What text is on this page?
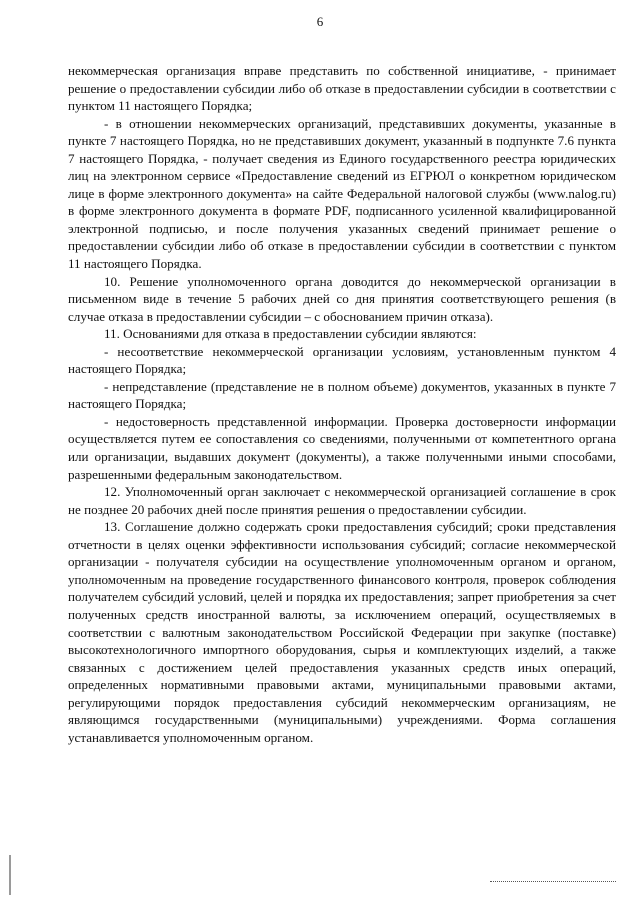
6

некоммерческая организация вправе представить по собственной инициативе, - принимает решение о предоставлении субсидии либо об отказе в предоставлении субсидии в соответствии с пунктом 11 настоящего Порядка;

- в отношении некоммерческих организаций, представивших документы, указанные в пункте 7 настоящего Порядка, но не представивших документ, указанный в подпункте 7.6 пункта 7 настоящего Порядка, - получает сведения из Единого государственного реестра юридических лиц на электронном сервисе «Предоставление сведений из ЕГРЮЛ о конкретном юридическом лице в форме электронного документа» на сайте Федеральной налоговой службы (www.nalog.ru) в форме электронного документа в формате PDF, подписанного усиленной квалифицированной электронной подписью, и после получения указанных сведений принимает решение о предоставлении субсидии либо об отказе в предоставлении субсидии в соответствии с пунктом 11 настоящего Порядка.

10. Решение уполномоченного органа доводится до некоммерческой организации в письменном виде в течение 5 рабочих дней со дня принятия соответствующего решения (в случае отказа в предоставлении субсидии – с обоснованием причин отказа).

11. Основаниями для отказа в предоставлении субсидии являются:

- несоответствие некоммерческой организации условиям, установленным пунктом 4 настоящего Порядка;

- непредставление (представление не в полном объеме) документов, указанных в пункте 7 настоящего Порядка;

- недостоверность представленной информации. Проверка достоверности информации осуществляется путем ее сопоставления со сведениями, полученными от компетентного органа или организации, выдавших документ (документы), а также полученными иными способами, разрешенными федеральным законодательством.

12. Уполномоченный орган заключает с некоммерческой организацией соглашение в срок не позднее 20 рабочих дней после принятия решения о предоставлении субсидии.

13. Соглашение должно содержать сроки предоставления субсидий; сроки представления отчетности в целях оценки эффективности использования субсидий; согласие некоммерческой организации - получателя субсидии на осуществление уполномоченным органом и органом, уполномоченным на проведение государственного финансового контроля, проверок соблюдения получателем субсидий условий, целей и порядка их предоставления; запрет приобретения за счет полученных средств иностранной валюты, за исключением операций, осуществляемых в соответствии с валютным законодательством Российской Федерации при закупке (поставке) высокотехнологичного импортного оборудования, сырья и комплектующих изделий, а также связанных с достижением целей предоставления указанных средств иных операций, определенных нормативными правовыми актами, муниципальными правовыми актами, регулирующими порядок предоставления субсидий некоммерческим организациям, не являющимся государственными (муниципальными) учреждениями. Форма соглашения устанавливается уполномоченным органом.
